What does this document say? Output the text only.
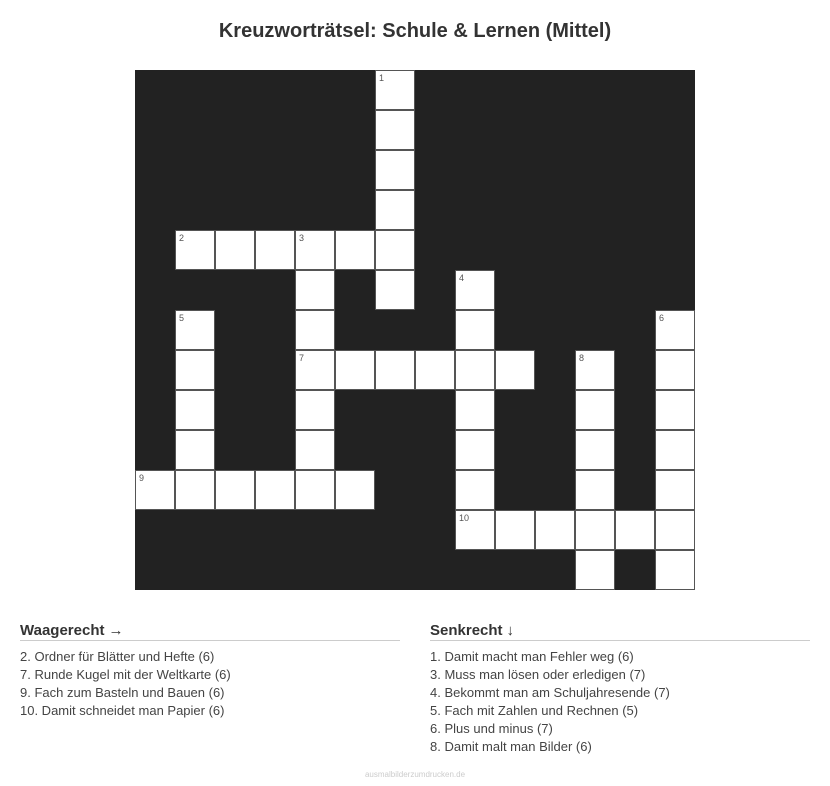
Kreuzworträtsel: Schule & Lernen (Mittel)
1
2	3
4
5	6
7	8
9
10
Waagerecht →
2. Ordner für Blätter und Hefte (6)
7. Runde Kugel mit der Weltkarte (6)
9. Fach zum Basteln und Bauen (6)
10. Damit schneidet man Papier (6)
Senkrecht ↓
1. Damit macht man Fehler weg (6)
3. Muss man lösen oder erledigen (7)
4. Bekommt man am Schuljahresende (7)
5. Fach mit Zahlen und Rechnen (5)
6. Plus und minus (7)
8. Damit malt man Bilder (6)
ausmalbilderzumdrucken.de
